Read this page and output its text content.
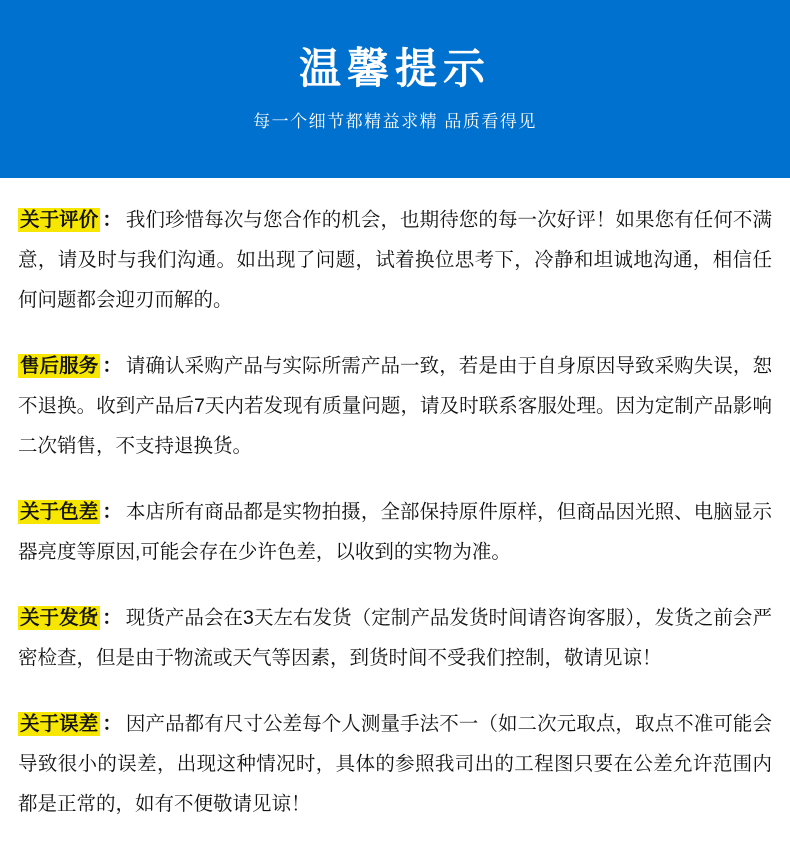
温馨提示
每一个细节都精益求精 品质看得见
关于评价 ： 我们珍惜每次与您合作的机会，也期待您的每一次好评！如果您有任何不满意，请及时与我们沟通。如出现了问题，试着换位思考下，冷静和坦诚地沟通，相信任何问题都会迎刃而解的。
售后服务 ： 请确认采购产品与实际所需产品一致，若是由于自身原因导致采购失误，恕不退换。收到产品后7天内若发现有质量问题，请及时联系客服处理。因为定制产品影响二次销售，不支持退换货。
关于色差 ： 本店所有商品都是实物拍摄，全部保持原件原样，但商品因光照、电脑显示器亮度等原因,可能会存在少许色差，以收到的实物为准。
关于发货 ： 现货产品会在3天左右发货（定制产品发货时间请咨询客服），发货之前会严密检查，但是由于物流或天气等因素，到货时间不受我们控制，敬请见谅！
关于误差 ： 因产品都有尺寸公差每个人测量手法不一（如二次元取点，取点不准可能会导致很小的误差，出现这种情况时，具体的参照我司出的工程图只要在公差允许范围内都是正常的，如有不便敬请见谅！
